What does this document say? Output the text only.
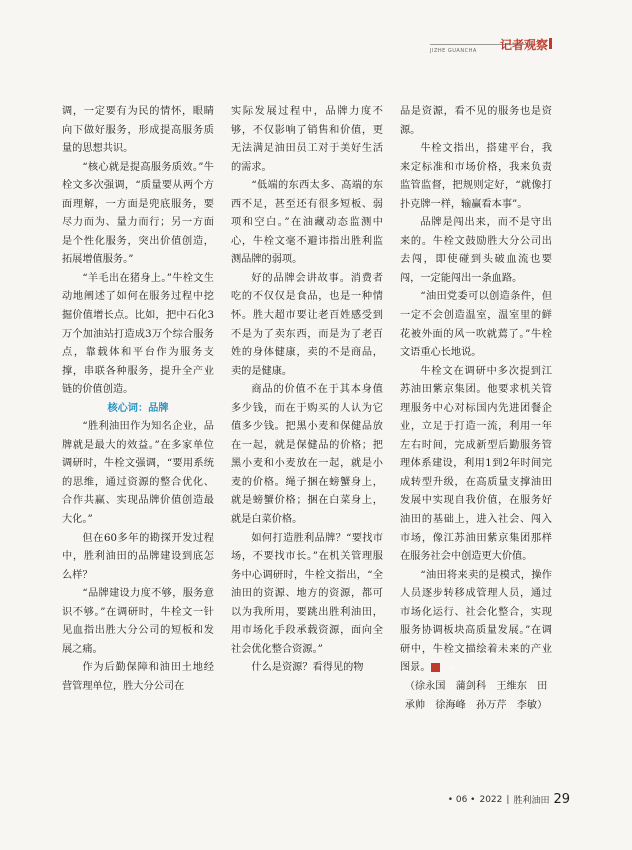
JIZHE GUANCHA 记者观察

调，一定要有为民的情怀，眼睛向下做好服务，形成提高服务质量的思想共识。

“核心就是提高服务质效。”牛栓文多次强调，“质量要从两个方面理解，一方面是兜底服务，要尽力而为、量力而行；另一方面是个性化服务，突出价值创造，拓展增值服务。”

“羊毛出在猪身上。”牛栓文生动地阐述了如何在服务过程中挖掘价值增长点。比如，把中石化3万个加油站打造成3万个综合服务点，靠载体和平台作为服务支撑，串联各种服务，提升全产业链的价值创造。

核心词：品牌

“胜利油田作为知名企业，品牌就是最大的效益。”在多家单位调研时，牛栓文强调，“要用系统的思维，通过资源的整合优化、合作共赢、实现品牌价值创造最大化。”

但在60多年的勘探开发过程中，胜利油田的品牌建设到底怎么样？

“品牌建设力度不够，服务意识不够。”在调研时，牛栓文一针见血指出胜大分公司的短板和发展之痛。

作为后勤保障和油田土地经营管理单位，胜大分公司在

实际发展过程中，品牌力度不够，不仅影响了销售和价值，更无法满足油田员工对于美好生活的需求。

“低端的东西太多、高端的东西不足，甚至还有很多短板、弱项和空白。”在油藏动态监测中心，牛栓文毫不避讳指出胜利监测品牌的弱项。

好的品牌会讲故事。消费者吃的不仅仅是食品，也是一种情怀。胜大超市要让老百姓感受到不是为了卖东西，而是为了老百姓的身体健康，卖的不是商品，卖的是健康。

商品的价值不在于其本身值多少钱，而在于购买的人认为它值多少钱。把黑小麦和保健品放在一起，就是保健品的价格；把黑小麦和小麦放在一起，就是小麦的价格。绳子捆在螃蟹身上，就是螃蟹价格；捆在白菜身上，就是白菜价格。

如何打造胜利品牌？“要找市场，不要找市长。”在机关管理服务中心调研时，牛栓文指出，“全油田的资源、地方的资源，都可以为我所用，要跳出胜利油田，用市场化手段承载资源，面向全社会优化整合资源。”

什么是资源？看得见的物

品是资源，看不见的服务也是资源。

牛栓文指出，搭建平台，我来定标准和市场价格，我来负责监管监督，把规则定好，“就像打扑克牌一样，输赢看本事”。

品牌是闯出来，而不是守出来的。牛栓文鼓励胜大分公司出去闯，即使碰到头破血流也要闯，一定能闯出一条血路。

“油田党委可以创造条件，但一定不会创造温室，温室里的鲜花被外面的风一吹就蔫了。”牛栓文语重心长地说。

牛栓文在调研中多次提到江苏油田紫京集团。他要求机关管理服务中心对标国内先进团餐企业，立足于打造一流，利用一年左右时间，完成新型后勤服务管理体系建设，利用1到2年时间完成转型升级，在高质量支撑油田发展中实现自我价值，在服务好油田的基础上，进入社会、闯入市场，像江苏油田紫京集团那样在服务社会中创造更大价值。

“油田将来卖的是模式，操作人员逐步转移成管理人员，通过市场化运行、社会化整合，实现服务协调板块高质量发展。”在调研中，牛栓文描绘着未来的产业图景。	L

（徐永国　蒲剑科　王维东　田承帅　徐海峰　孙万芹　李敏）

• 06 • 2022 | 胜利油田 29
